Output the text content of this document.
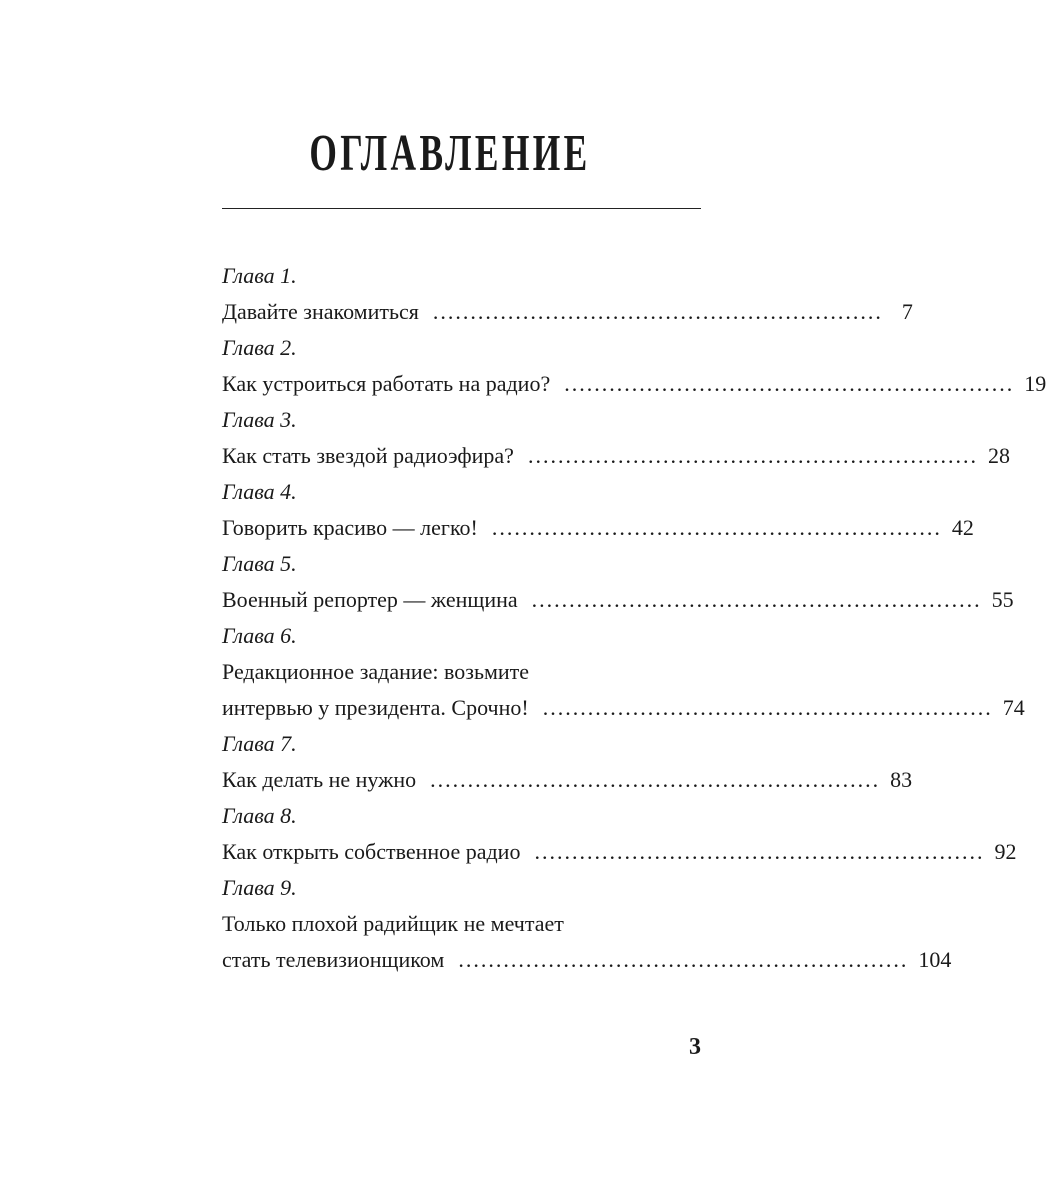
ОГЛАВЛЕНИЕ
Глава 1.
Давайте знакомиться ............................................................ 7
Глава 2.
Как устроиться работать на радио? ............................................................ 19
Глава 3.
Как стать звездой радиоэфира? ............................................................ 28
Глава 4.
Говорить красиво — легко! ............................................................ 42
Глава 5.
Военный репортер — женщина ............................................................ 55
Глава 6.
Редакционное задание: возьмите
интервью у президента. Срочно! ............................................................ 74
Глава 7.
Как делать не нужно ............................................................ 83
Глава 8.
Как открыть собственное радио ............................................................ 92
Глава 9.
Только плохой радийщик не мечтает
стать телевизионщиком ............................................................ 104
3
